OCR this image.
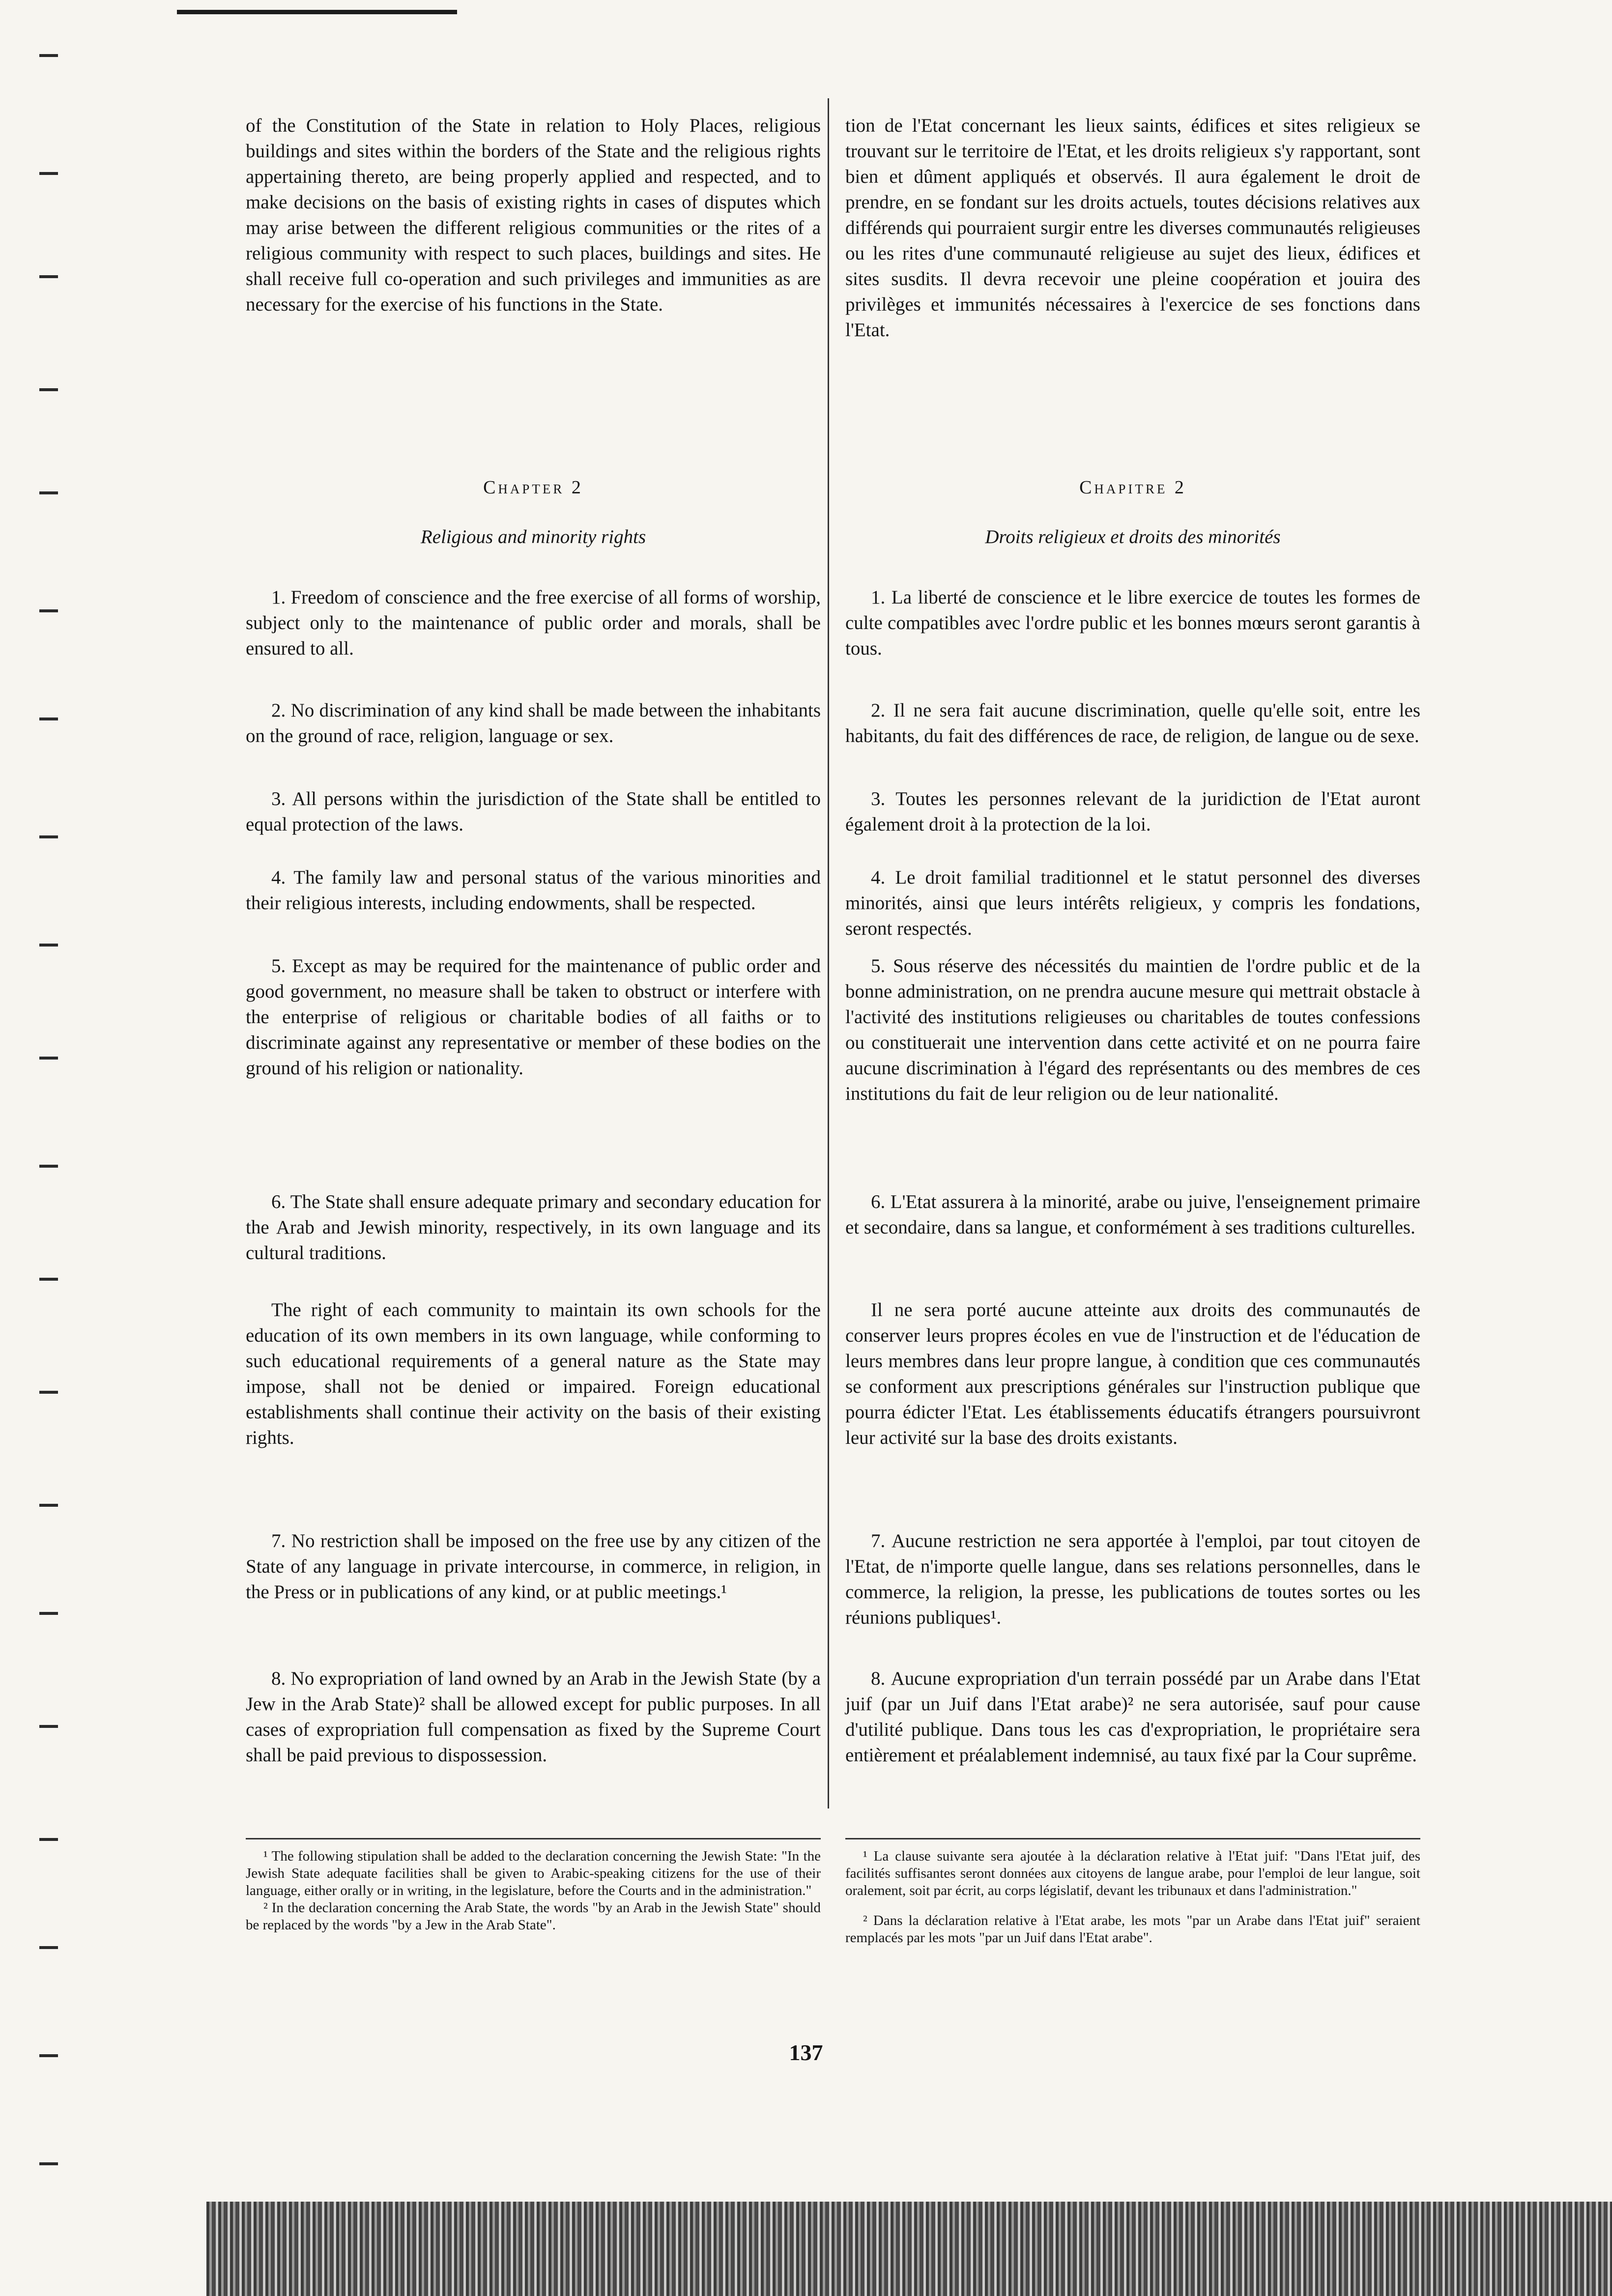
of the Constitution of the State in relation to Holy Places, religious buildings and sites within the borders of the State and the religious rights appertaining thereto, are being properly applied and respected, and to make decisions on the basis of existing rights in cases of disputes which may arise between the different religious communities or the rites of a religious community with respect to such places, buildings and sites. He shall receive full co-operation and such privileges and immunities as are necessary for the exercise of his functions in the State.

Chapter 2
Religious and minority rights

1. Freedom of conscience and the free exercise of all forms of worship, subject only to the maintenance of public order and morals, shall be ensured to all.

2. No discrimination of any kind shall be made between the inhabitants on the ground of race, religion, language or sex.

3. All persons within the jurisdiction of the State shall be entitled to equal protection of the laws.

4. The family law and personal status of the various minorities and their religious interests, including endowments, shall be respected.

5. Except as may be required for the maintenance of public order and good government, no measure shall be taken to obstruct or interfere with the enterprise of religious or charitable bodies of all faiths or to discriminate against any representative or member of these bodies on the ground of his religion or nationality.

6. The State shall ensure adequate primary and secondary education for the Arab and Jewish minority, respectively, in its own language and its cultural traditions.

The right of each community to maintain its own schools for the education of its own members in its own language, while conforming to such educational requirements of a general nature as the State may impose, shall not be denied or impaired. Foreign educational establishments shall continue their activity on the basis of their existing rights.

7. No restriction shall be imposed on the free use by any citizen of the State of any language in private intercourse, in commerce, in religion, in the Press or in publications of any kind, or at public meetings.¹

8. No expropriation of land owned by an Arab in the Jewish State (by a Jew in the Arab State)² shall be allowed except for public purposes. In all cases of expropriation full compensation as fixed by the Supreme Court shall be paid previous to dispossession.

tion de l'Etat concernant les lieux saints, édifices et sites religieux se trouvant sur le territoire de l'Etat, et les droits religieux s'y rapportant, sont bien et dûment appliqués et observés. Il aura également le droit de prendre, en se fondant sur les droits actuels, toutes décisions relatives aux différends qui pourraient surgir entre les diverses communautés religieuses ou les rites d'une communauté religieuse au sujet des lieux, édifices et sites susdits. Il devra recevoir une pleine coopération et jouira des privilèges et immunités nécessaires à l'exercice de ses fonctions dans l'Etat.

Chapitre 2
Droits religieux et droits des minorités

1. La liberté de conscience et le libre exercice de toutes les formes de culte compatibles avec l'ordre public et les bonnes mœurs seront garantis à tous.

2. Il ne sera fait aucune discrimination, quelle qu'elle soit, entre les habitants, du fait des différences de race, de religion, de langue ou de sexe.

3. Toutes les personnes relevant de la juridiction de l'Etat auront également droit à la protection de la loi.

4. Le droit familial traditionnel et le statut personnel des diverses minorités, ainsi que leurs intérêts religieux, y compris les fondations, seront respectés.

5. Sous réserve des nécessités du maintien de l'ordre public et de la bonne administration, on ne prendra aucune mesure qui mettrait obstacle à l'activité des institutions religieuses ou charitables de toutes confessions ou constituerait une intervention dans cette activité et on ne pourra faire aucune discrimination à l'égard des représentants ou des membres de ces institutions du fait de leur religion ou de leur nationalité.

6. L'Etat assurera à la minorité, arabe ou juive, l'enseignement primaire et secondaire, dans sa langue, et conformément à ses traditions culturelles.

Il ne sera porté aucune atteinte aux droits des communautés de conserver leurs propres écoles en vue de l'instruction et de l'éducation de leurs membres dans leur propre langue, à condition que ces communautés se conforment aux prescriptions générales sur l'instruction publique que pourra édicter l'Etat. Les établissements éducatifs étrangers poursuivront leur activité sur la base des droits existants.

7. Aucune restriction ne sera apportée à l'emploi, par tout citoyen de l'Etat, de n'importe quelle langue, dans ses relations personnelles, dans le commerce, la religion, la presse, les publications de toutes sortes ou les réunions publiques¹.

8. Aucune expropriation d'un terrain possédé par un Arabe dans l'Etat juif (par un Juif dans l'Etat arabe)² ne sera autorisée, sauf pour cause d'utilité publique. Dans tous les cas d'expropriation, le propriétaire sera entièrement et préalablement indemnisé, au taux fixé par la Cour suprême.

¹ The following stipulation shall be added to the declaration concerning the Jewish State: "In the Jewish State adequate facilities shall be given to Arabic-speaking citizens for the use of their language, either orally or in writing, in the legislature, before the Courts and in the administration."

² In the declaration concerning the Arab State, the words "by an Arab in the Jewish State" should be replaced by the words "by a Jew in the Arab State".

¹ La clause suivante sera ajoutée à la déclaration relative à l'Etat juif: "Dans l'Etat juif, des facilités suffisantes seront données aux citoyens de langue arabe, pour l'emploi de leur langue, soit oralement, soit par écrit, au corps législatif, devant les tribunaux et dans l'administration."

² Dans la déclaration relative à l'Etat arabe, les mots "par un Arabe dans l'Etat juif" seraient remplacés par les mots "par un Juif dans l'Etat arabe".

137
